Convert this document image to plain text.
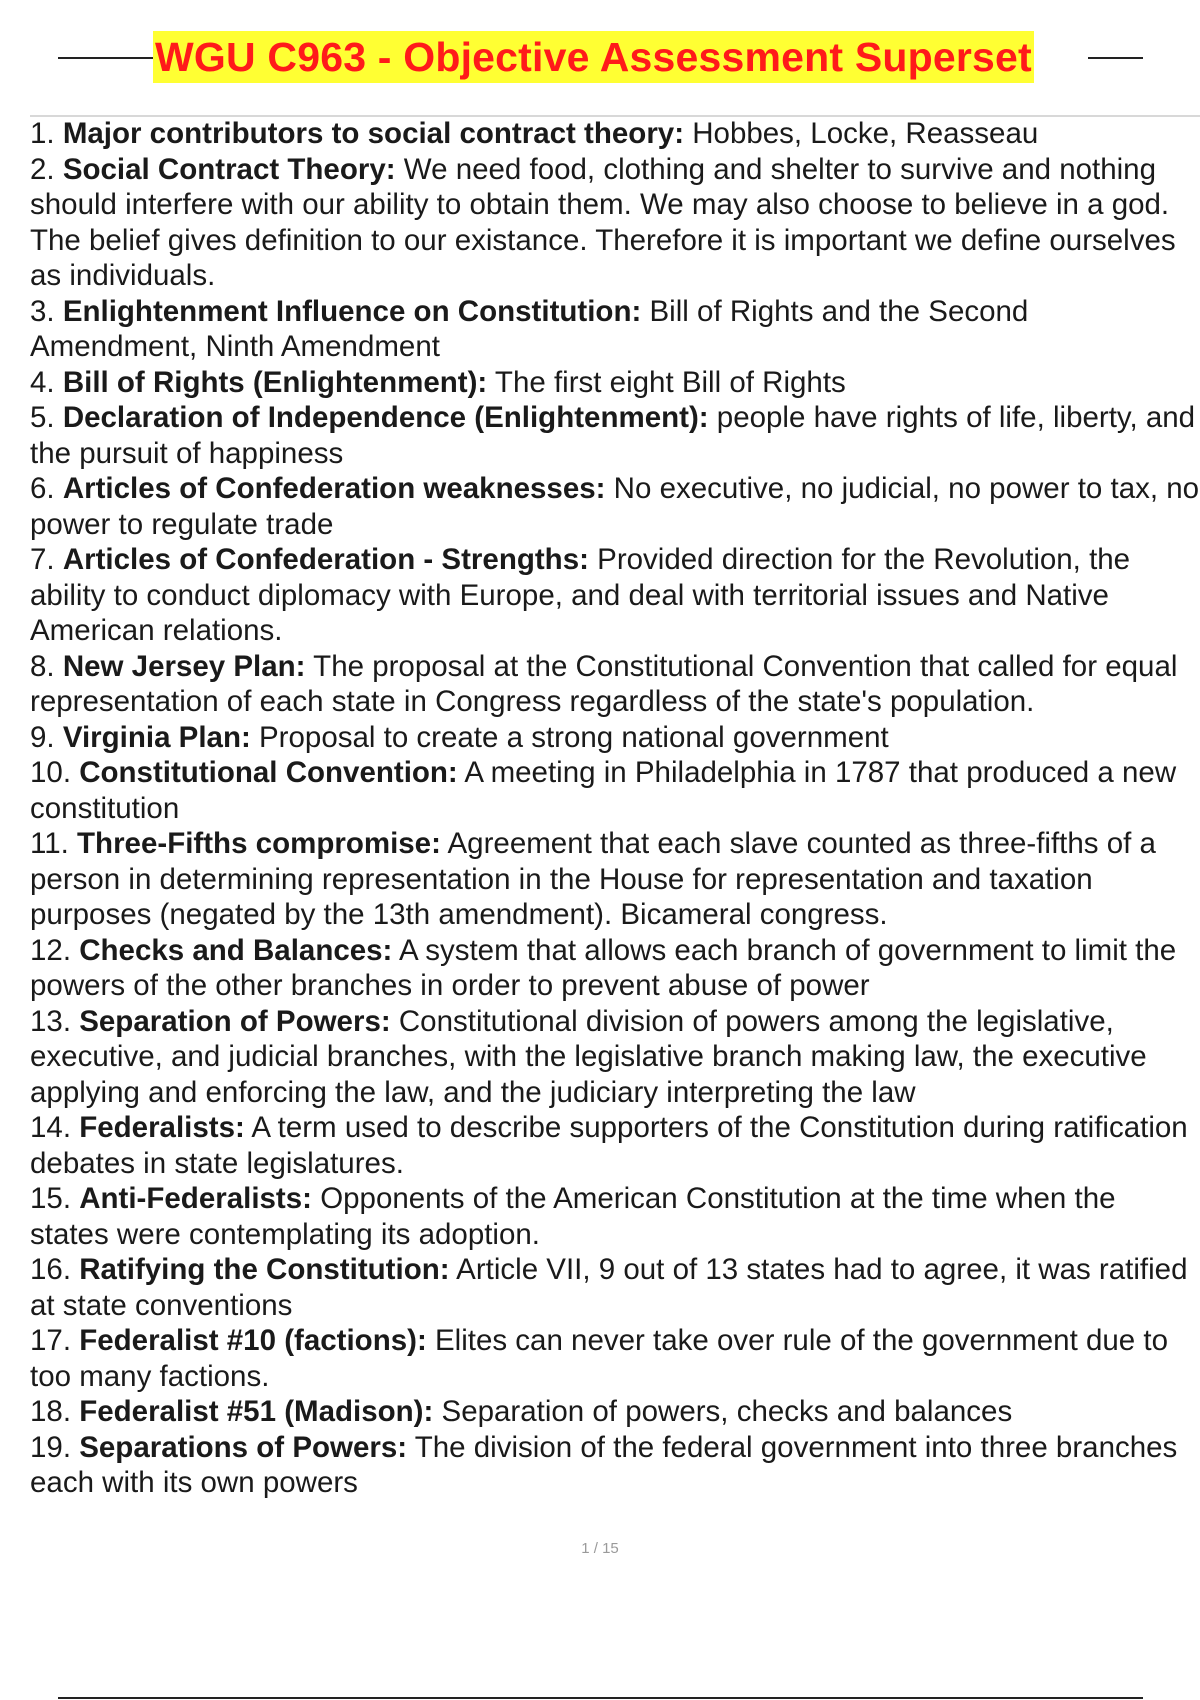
WGU C963 - Objective Assessment Superset
1. Major contributors to social contract theory: Hobbes, Locke, Reasseau
2. Social Contract Theory: We need food, clothing and shelter to survive and nothing should interfere with our ability to obtain them. We may also choose to believe in a god. The belief gives definition to our existance. Therefore it is important we define ourselves as individuals.
3. Enlightenment Influence on Constitution: Bill of Rights and the Second Amendment, Ninth Amendment
4. Bill of Rights (Enlightenment): The first eight Bill of Rights
5. Declaration of Independence (Enlightenment): people have rights of life, liberty, and the pursuit of happiness
6. Articles of Confederation weaknesses: No executive, no judicial, no power to tax, no power to regulate trade
7. Articles of Confederation - Strengths: Provided direction for the Revolution, the ability to conduct diplomacy with Europe, and deal with territorial issues and Native American relations.
8. New Jersey Plan: The proposal at the Constitutional Convention that called for equal representation of each state in Congress regardless of the state's population.
9. Virginia Plan: Proposal to create a strong national government
10. Constitutional Convention: A meeting in Philadelphia in 1787 that produced a new constitution
11. Three-Fifths compromise: Agreement that each slave counted as three-fifths of a person in determining representation in the House for representation and taxation purposes (negated by the 13th amendment). Bicameral congress.
12. Checks and Balances: A system that allows each branch of government to limit the powers of the other branches in order to prevent abuse of power
13. Separation of Powers: Constitutional division of powers among the legislative, executive, and judicial branches, with the legislative branch making law, the executive applying and enforcing the law, and the judiciary interpreting the law
14. Federalists: A term used to describe supporters of the Constitution during ratification debates in state legislatures.
15. Anti-Federalists: Opponents of the American Constitution at the time when the states were contemplating its adoption.
16. Ratifying the Constitution: Article VII, 9 out of 13 states had to agree, it was ratified at state conventions
17. Federalist #10 (factions): Elites can never take over rule of the government due to too many factions.
18. Federalist #51 (Madison): Separation of powers, checks and balances
19. Separations of Powers: The division of the federal government into three branches each with its own powers
1 / 15
